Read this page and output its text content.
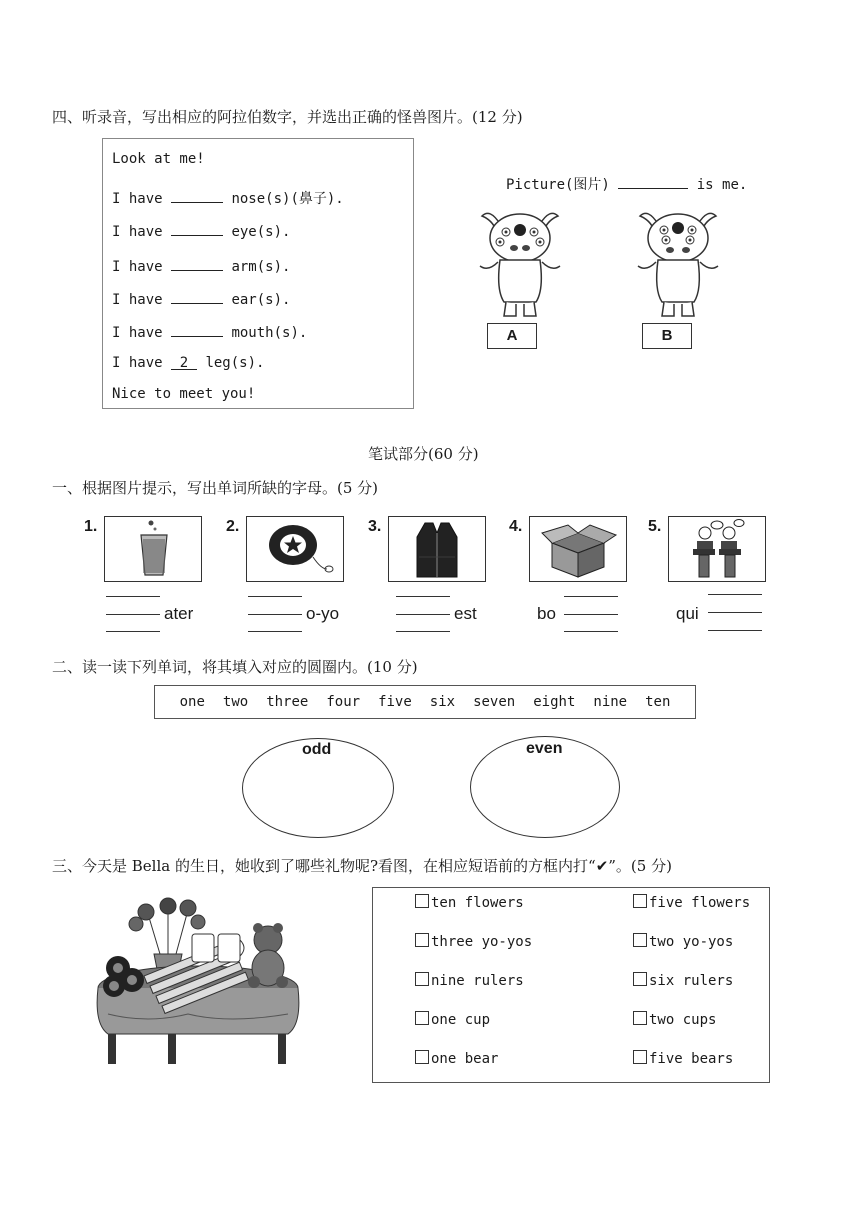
四、听录音，写出相应的阿拉伯数字，并选出正确的怪兽图片。(12 分)
Look at me!
I have	nose(s)(鼻子).
I have	eye(s).
I have	arm(s).
I have	ear(s).
I have	mouth(s).
I have 2 leg(s).
Nice to meet you!
Picture(图片)	is me.
A	B
笔试部分(60 分)
一、根据图片提示，写出单词所缺的字母。(5 分)
1.
ater
2.
o-yo
3.
est
4.
bo
5.
qui
二、读一读下列单词，将其填入对应的圆圈内。(10 分)
one two three four five six seven eight nine ten
odd	even
三、今天是 Bella 的生日，她收到了哪些礼物呢?看图，在相应短语前的方框内打“✔”。(5 分)
ten flowers	five flowers
three yo-yos	two yo-yos
nine rulers	six rulers
one cup	two cups
one bear	five bears
